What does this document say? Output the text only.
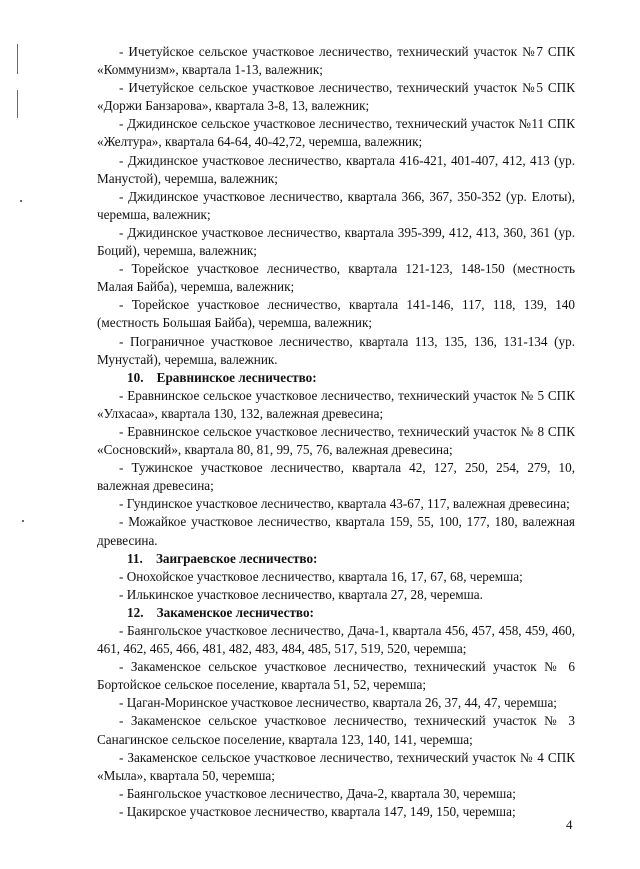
- Ичетуйское сельское участковое лесничество, технический участок №7 СПК «Коммунизм», квартала 1-13, валежник;

- Ичетуйское сельское участковое лесничество, технический участок №5 СПК «Доржи Банзарова», квартала 3-8, 13, валежник;

- Джидинское сельское участковое лесничество, технический участок №11 СПК «Желтура», квартала 64-64, 40-42,72, черемша, валежник;

- Джидинское участковое лесничество, квартала 416-421, 401-407, 412, 413 (ур. Манустой), черемша, валежник;

- Джидинское участковое лесничество, квартала 366, 367, 350-352 (ур. Елоты), черемша, валежник;

- Джидинское участковое лесничество, квартала 395-399, 412, 413, 360, 361 (ур. Боций), черемша, валежник;

- Торейское участковое лесничество, квартала 121-123, 148-150 (местность Малая Байба), черемша, валежник;

- Торейское участковое лесничество, квартала 141-146, 117, 118, 139, 140 (местность Большая Байба), черемша, валежник;

- Пограничное участковое лесничество, квартала 113, 135, 136, 131-134 (ур. Мунустай), черемша, валежник.

10. Еравнинское лесничество:

- Еравнинское сельское участковое лесничество, технический участок № 5 СПК «Улхасаа», квартала 130, 132, валежная древесина;

- Еравнинское сельское участковое лесничество, технический участок № 8 СПК «Сосновский», квартала 80, 81, 99, 75, 76, валежная древесина;

- Тужинское участковое лесничество, квартала 42, 127, 250, 254, 279, 10, валежная древесина;

- Гундинское участковое лесничество, квартала 43-67, 117, валежная древесина;

- Можайкое участковое лесничество, квартала 159, 55, 100, 177, 180, валежная древесина.

11. Заиграевское лесничество:

- Онохойское участковое лесничество, квартала 16, 17, 67, 68, черемша;

- Илькинское участковое лесничество, квартала 27, 28, черемша.

12. Закаменское лесничество:

- Баянгольское участковое лесничество, Дача-1, квартала 456, 457, 458, 459, 460, 461, 462, 465, 466, 481, 482, 483, 484, 485, 517, 519, 520, черемша;

- Закаменское сельское участковое лесничество, технический участок № 6 Бортойское сельское поселение, квартала 51, 52, черемша;

- Цаган-Моринское участковое лесничество, квартала 26, 37, 44, 47, черемша;

- Закаменское сельское участковое лесничество, технический участок № 3 Санагинское сельское поселение, квартала 123, 140, 141, черемша;

- Закаменское сельское участковое лесничество, технический участок № 4 СПК «Мыла», квартала 50, черемша;

- Баянгольское участковое лесничество, Дача-2, квартала 30, черемша;

- Цакирское участковое лесничество, квартала 147, 149, 150, черемша;

4
